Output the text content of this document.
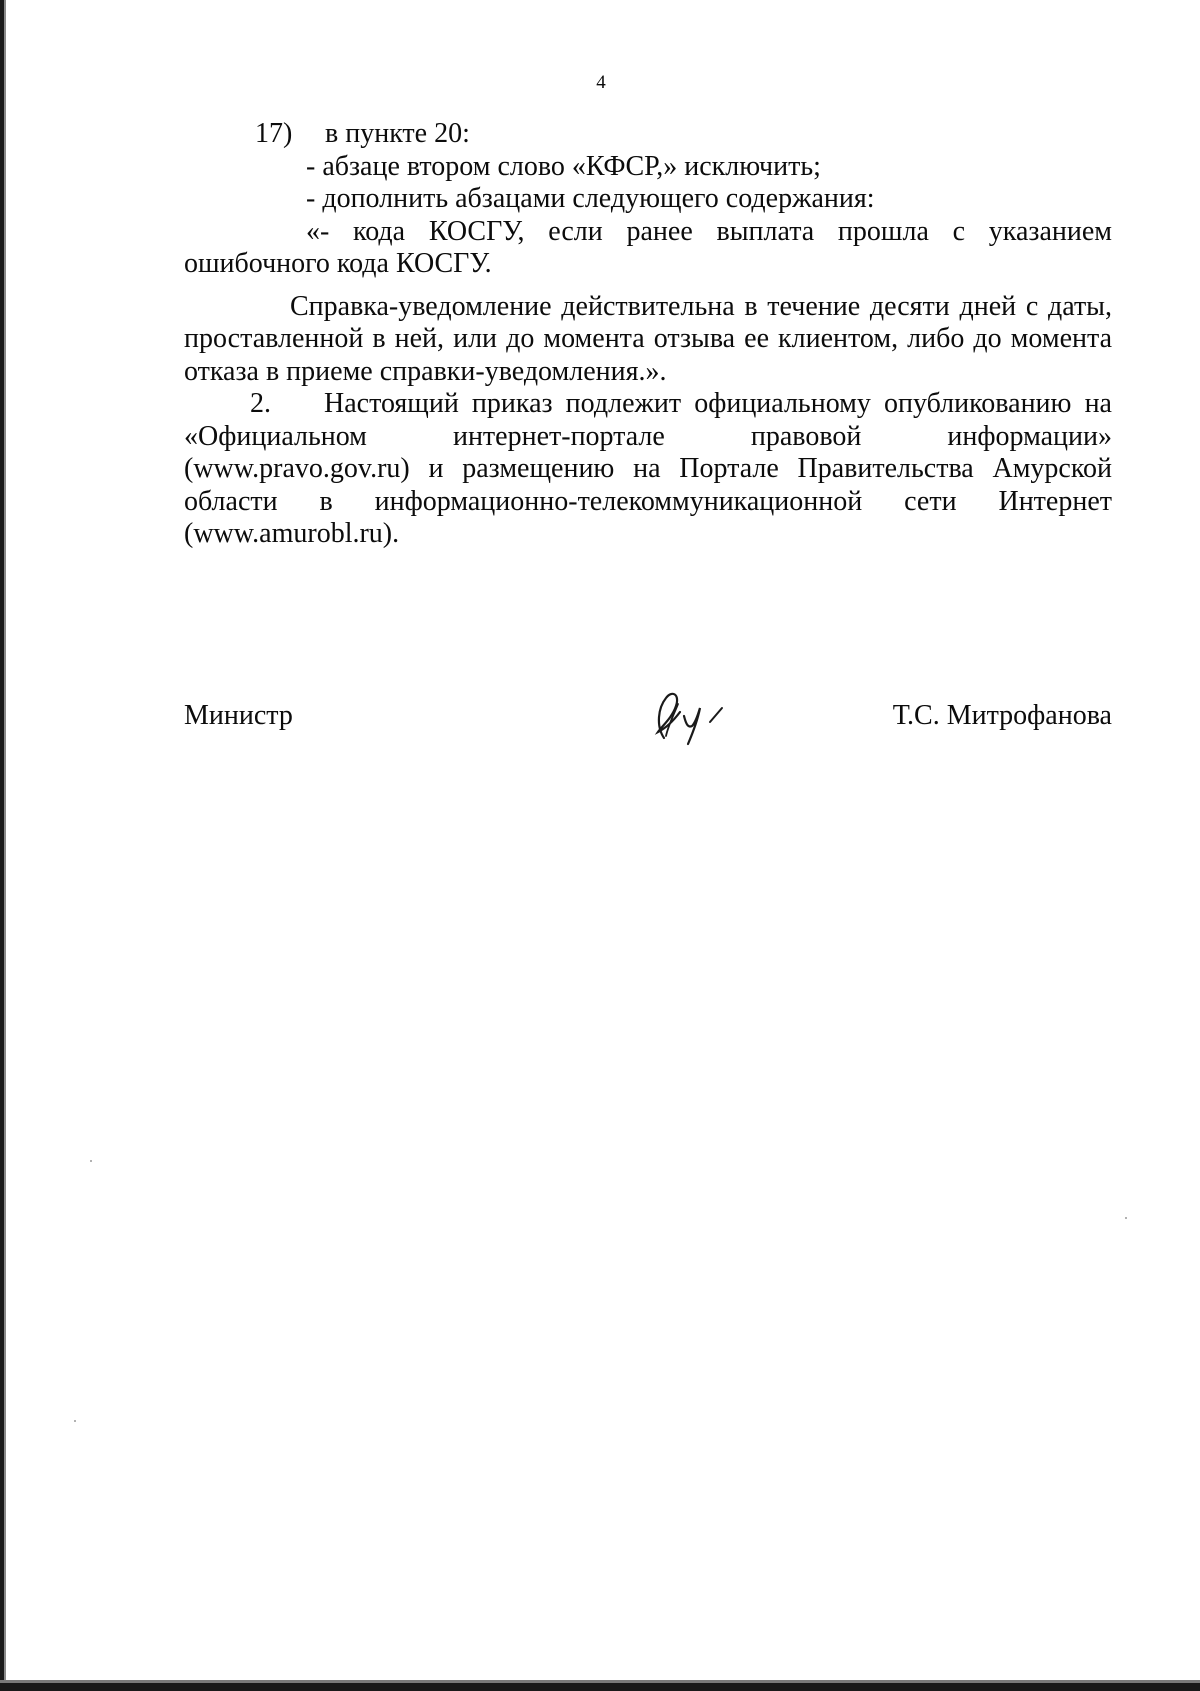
4
17) в пункте 20:
- абзаце втором слово «КФСР,» исключить;
- дополнить абзацами следующего содержания:
«- кода КОСГУ, если ранее выплата прошла с указанием
ошибочного кода КОСГУ.
Справка-уведомление действительна в течение десяти дней с даты,
проставленной в ней, или до момента отзыва ее клиентом, либо до момента
отказа в приеме справки-уведомления.».
2. Настоящий приказ подлежит официальному опубликованию на
«Официальном интернет-портале правовой информации»
(www.pravo.gov.ru) и размещению на Портале Правительства Амурской
области в информационно-телекоммуникационной сети Интернет
(www.amurobl.ru).
Министр	Т.С. Митрофанова
